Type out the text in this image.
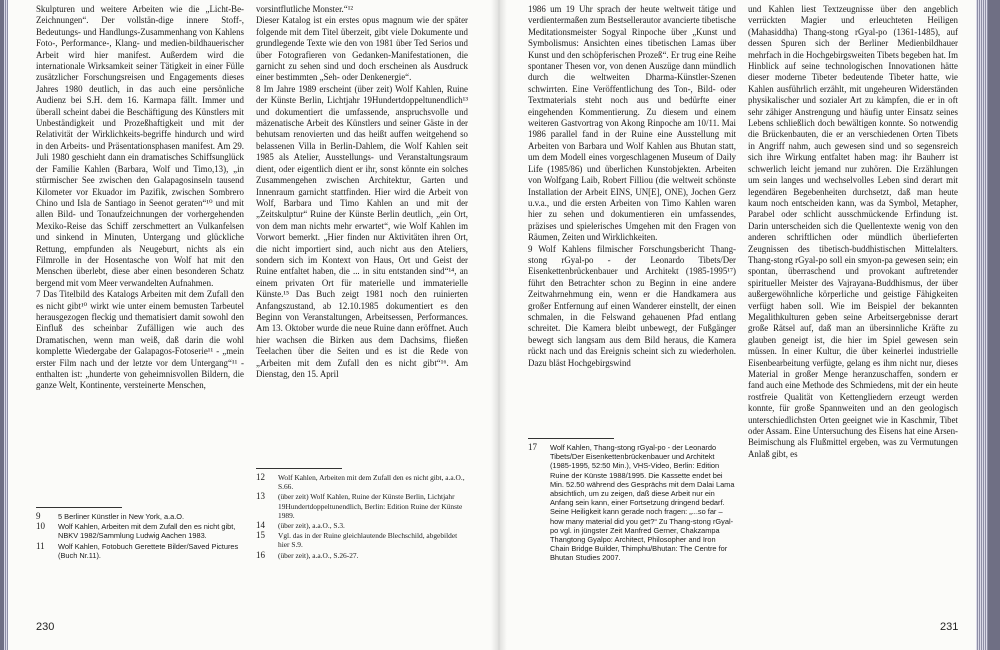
Skulpturen und weitere Arbeiten wie die „Licht-Be-Zeichnungen“. Der vollstän-dige innere Stoff-, Bedeutungs- und Handlungs-Zusammenhang von Kahlens Foto-, Performance-, Klang- und medien-bildhauerischer Arbeit wird hier manifest. Außerdem wird die internationale Wirksamkeit seiner Tätigkeit in einer Fülle zusätzlicher Forschungsreisen und Engagements dieses Jahres 1980 deutlich, in das auch eine persönliche Audienz bei S.H. dem 16. Karmapa fällt. Immer und überall scheint dabei die Beschäftigung des Künstlers mit Unbeständigkeit und Prozeßhaftigkeit und mit der Relativität der Wirklichkeits-begriffe hindurch und wird in den Arbeits- und Präsentationsphasen manifest. Am 29. Juli 1980 geschieht dann ein dramatisches Schiffsunglück der Familie Kahlen (Barbara, Wolf und Timo,13), „in stürmischer See zwischen den Galapagosinseln tausend Kilometer vor Ekuador im Pazifik, zwischen Sombrero Chino und Isla de Santiago in Seenot geraten“¹⁰ und mit allen Bild- und Tonaufzeichnungen der vorhergehenden Mexiko-Reise das Schiff zerschmettert an Vulkanfelsen und sinkend in Minuten, Untergang und glückliche Rettung, empfunden als Neugeburt, nichts als ein Filmrolle in der Hosentasche von Wolf hat mit den Menschen überlebt, diese aber einen besonderen Schatz bergend mit vom Meer verwandelten Aufnahmen.

7 Das Titelbild des Katalogs Arbeiten mit dem Zufall den es nicht gibt¹⁰ wirkt wie unter einem bemusten Tarbeutel herausgezogen fleckig und thematisiert damit sowohl den Einfluß des scheinbar Zufälligen wie auch des Dramatischen, wenn man weiß, daß darin die wohl komplette Wiedergabe der Galapagos-Fotoserie¹¹ - „mein erster Film nach und der letzte vor dem Untergang“¹¹ - enthalten ist: „hunderte von geheimnisvollen Bildern, die ganze Welt, Kontinente, versteinerte Menschen,

vorsintflutliche Monster.“¹²

Dieser Katalog ist ein erstes opus magnum wie der später folgende mit dem Titel überzeit, gibt viele Dokumente und grundlegende Texte wie den von 1981 über Ted Serios und über Fotografieren von Gedanken-Manifestationen, die garnicht zu sehen sind und doch erscheinen als Ausdruck einer bestimmten „Seh- oder Denkenergie“.

8 Im Jahre 1989 erscheint (über zeit) Wolf Kahlen, Ruine der Künste Berlin, Lichtjahr 19Hundertdoppeltunendlich¹³ und dokumentiert die umfassende, anspruchsvolle und mäzenatische Arbeit des Künstlers und seiner Gäste in der behutsam renovierten und das heißt auffen weitgehend so belassenen Villa in Berlin-Dahlem, die Wolf Kahlen seit 1985 als Atelier, Ausstellungs- und Veranstaltungsraum dient, oder eigentlich dient er ihr, sonst könnte ein solches Zusammengehen zwischen Architektur, Garten und Innenraum garnicht stattfinden. Hier wird die Arbeit von Wolf, Barbara und Timo Kahlen an und mit der „Zeitskulptur“ Ruine der Künste Berlin deutlich, „ein Ort, von dem man nichts mehr erwartet“, wie Wolf Kahlen im Vorwort bemerkt. „Hier finden nur Aktivitäten ihren Ort, die nicht importiert sind, auch nicht aus den Ateliers, sondern sich im Kontext von Haus, Ort und Geist der Ruine entfaltet haben, die ... in situ entstanden sind“¹⁴, an einem privaten Ort für materielle und immaterielle Künste.¹⁵ Das Buch zeigt 1981 noch den ruinierten Anfangszustand, ab 12.10.1985 dokumentiert es den Beginn von Veranstaltungen, Arbeitsessen, Performances. Am 13. Oktober wurde die neue Ruine dann eröffnet. Auch hier wachsen die Birken aus dem Dachsims, fließen Teelachen über die Seiten und es ist die Rede von „Arbeiten mit dem Zufall den es nicht gibt“¹⁶. Am Dienstag, den 15. April

9	5 Berliner Künstler in New York, a.a.O.
10	Wolf Kahlen, Arbeiten mit dem Zufall den es nicht gibt, NBKV 1982/Sammlung Ludwig Aachen 1983.
11	Wolf Kahlen, Fotobuch Gerettete Bilder/Saved Pictures (Buch Nr.11).
12	Wolf Kahlen, Arbeiten mit dem Zufall den es nicht gibt, a.a.O., S.66.
13	(über zeit) Wolf Kahlen, Ruine der Künste Berlin, Lichtjahr 19Hundertdoppeltunendlich, Berlin: Edition Ruine der Künste 1989.
14	(über zeit), a.a.O., S.3.
15	Vgl. das in der Ruine gleichlautende Blechschild, abgebildet hier S.9.
16	(über zeit), a.a.O., S.26-27.
230

1986 um 19 Uhr sprach der heute weltweit tätige und verdientermaßen zum Bestsellerautor avancierte tibetische Meditationsmeister Sogyal Rinpoche über „Kunst und Symbolismus: Ansichten eines tibetischen Lamas über Kunst und den schöpferischen Prozeß“. Er trug eine Reihe spontaner Thesen vor, von denen Auszüge dann mündlich durch die weltweiten Dharma-Künstler-Szenen schwirrten. Eine Veröffentlichung des Ton-, Bild- oder Textmaterials steht noch aus und bedürfte einer eingehenden Kommentierung. Zu diesem und einem weiteren Gastvortrag von Akong Rinpoche am 10/11. Mai 1986 parallel fand in der Ruine eine Ausstellung mit Arbeiten von Barbara und Wolf Kahlen aus Bhutan statt, um dem Modell eines vorgeschlagenen Museum of Daily Life (1985/86) und überlichen Kunstobjekten. Arbeiten von Wolfgang Laib, Robert Filliou (die weltweit schönste Installation der Arbeit EINS, UN[E], ONE), Jochen Gerz u.v.a., und die ersten Arbeiten von Timo Kahlen waren hier zu sehen und dokumentieren ein umfassendes, präzises und spielerisches Umgehen mit den Fragen von Räumen, Zeiten und Wirklichkeiten.

9 Wolf Kahlens filmischer Forschungsbericht Thang-stong rGyal-po - der Leonardo Tibets/Der Eisenkettenbrückenbauer und Architekt (1985-1995¹⁷) führt den Betrachter schon zu Beginn in eine andere Zeitwahrnehmung ein, wenn er die Handkamera aus großer Entfernung auf einen Wanderer einstellt, der einen schmalen, in die Felswand gehauenen Pfad entlang schreitet. Die Kamera bleibt unbewegt, der Fußgänger bewegt sich langsam aus dem Bild heraus, die Kamera rückt nach und das Ereignis scheint sich zu wiederholen. Dazu bläst Hochgebirgswind

und Kahlen liest Textzeugnisse über den angeblich verrückten Magier und erleuchteten Heiligen (Mahasiddha) Thang-stong rGyal-po (1361-1485), auf dessen Spuren sich der Berliner Medienbildhauer mehrfach in die Hochgebirgsweiten Tibets begeben hat. Im Hinblick auf seine technologischen Innovationen hätte dieser moderne Tibeter bedeutende Tibeter hatte, wie Kahlen ausführlich erzählt, mit ungeheuren Widerständen physikalischer und sozialer Art zu kämpfen, die er in oft sehr zähiger Anstrengung und häufig unter Einsatz seines Lebens schließlich doch bewältigen konnte. So notwendig die Brückenbauten, die er an verschiedenen Orten Tibets in Angriff nahm, auch gewesen sind und so segensreich sich ihre Wirkung entfaltet haben mag: ihr Bauherr ist schwerlich leicht jemand nur zuhören. Die Erzählungen um sein langes und wechselvolles Leben sind derart mit legendären Begebenheiten durchsetzt, daß man heute kaum noch entscheiden kann, was da Symbol, Metapher, Parabel oder schlicht ausschmückende Erfindung ist. Darin unterscheiden sich die Quellentexte wenig von den anderen schriftlichen oder mündlich überlieferten Zeugnissen des tibetisch-buddhistischen Mittelalters. Thang-stong rGyal-po soll ein smyon-pa gewesen sein; ein spontan, überraschend und provokant auftretender spiritueller Meister des Vajrayana-Buddhismus, der über außergewöhnliche körperliche und geistige Fähigkeiten verfügt haben soll. Wie im Beispiel der bekannten Megalithkulturen geben seine Arbeitsergebnisse derart große Rätsel auf, daß man an übersinnliche Kräfte zu glauben geneigt ist, die hier im Spiel gewesen sein müssen. In einer Kultur, die über keinerlei industrielle Eisenbearbeitung verfügte, gelang es ihm nicht nur, dieses Material in großer Menge heranzuschaffen, sondern er fand auch eine Methode des Schmiedens, mit der ein heute rostfreie Qualität von Kettengliedern erzeugt werden konnte, für große Spannweiten und an den geologisch unterschiedlichsten Orten geeignet wie in Kaschmir, Tibet oder Assam. Eine Untersuchung des Eisens hat eine Arsen-Beimischung als Flußmittel ergeben, was zu Vermutungen Anlaß gibt, es

17	Wolf Kahlen, Thang-stong rGyal-po - der Leonardo Tibets/Der Eisenkettenbrückenbauer und Architekt (1985-1995, 52:50 Min.), VHS-Video, Berlin: Edition Ruine der Künste 1988/1995. Die Kassette endet bei Min. 52.50 während des Gesprächs mit dem Dalai Lama absichtlich, um zu zeigen, daß diese Arbeit nur ein Anfang sein kann, einer Fortsetzung dringend bedarf. Seine Heiligkeit kann gerade noch fragen: „...so far – how many material did you get?“ Zu Thang-stong rGyal-po vgl. in jüngster Zeit Manfred Gerner, Chakzampa Thangtong Gyalpo: Architect, Philosopher and Iron Chain Bridge Builder, Thimphu/Bhutan: The Centre for Bhutan Studies 2007.
231
